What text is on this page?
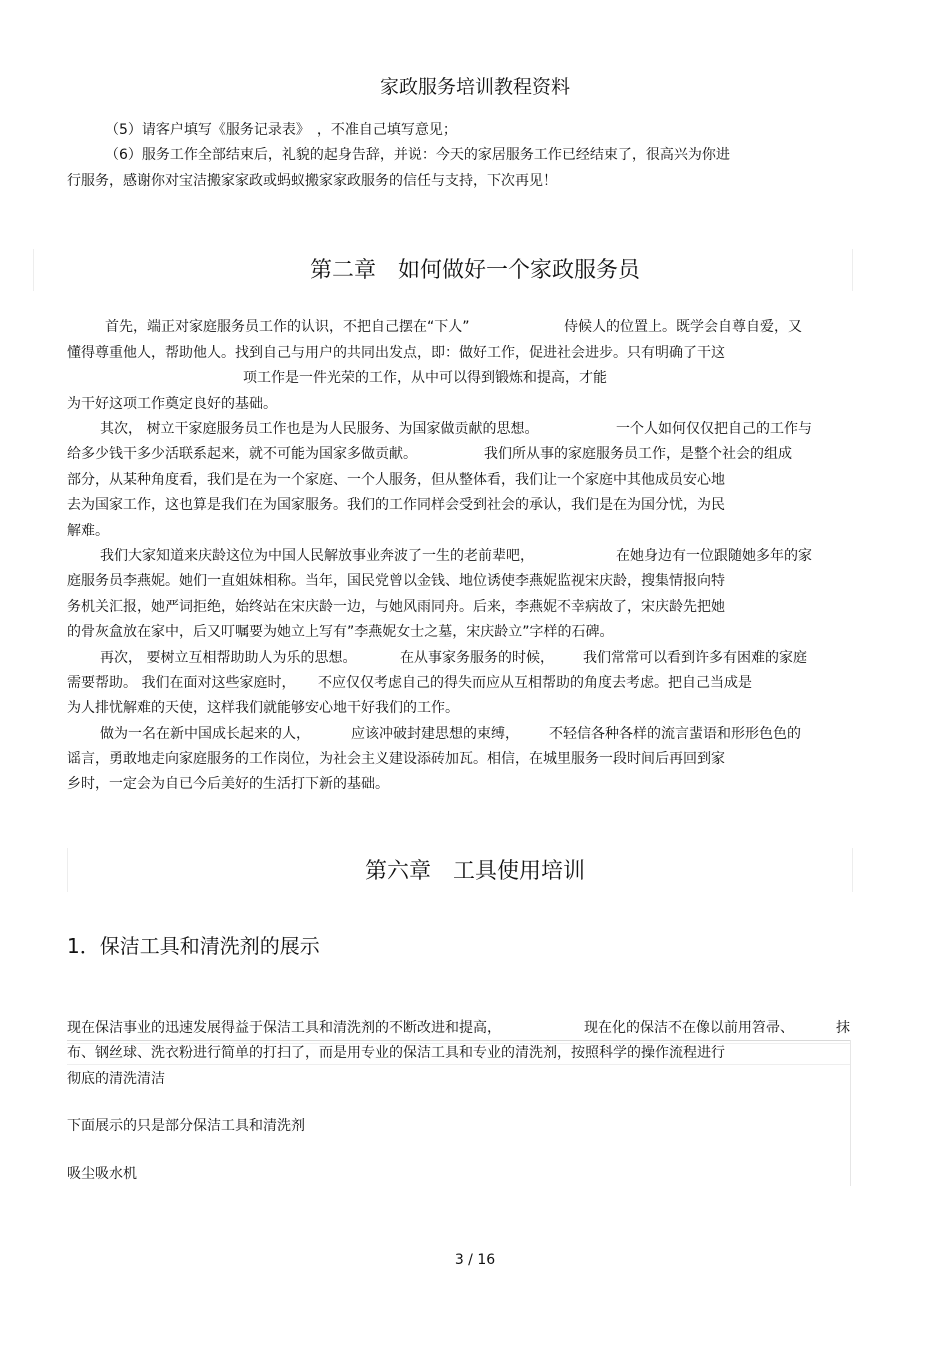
家政服务培训教程资料
（5）请客户填写《服务记录表》　，不准自己填写意见；
（6）服务工作全部结束后，礼貌的起身告辞，并说：今天的家居服务工作已经结束了，很高兴为你进
行服务，感谢你对宝洁搬家家政或蚂蚁搬家家政服务的信任与支持，下次再见！
第二章　如何做好一个家政服务员
首先，端正对家庭服务员工作的认识，不把自己摆在“下人”	侍候人的位置上。既学会自尊自爱，又
懂得尊重他人，帮助他人。找到自己与用户的共同出发点，即：做好工作，促进社会进步。只有明确了干这
项工作是一件光荣的工作，从中可以得到锻炼和提高，才能
为干好这项工作奠定良好的基础。
其次， 树立干家庭服务员工作也是为人民服务、为国家做贡献的思想。	一个人如何仅仅把自己的工作与
给多少钱干多少活联系起来，就不可能为国家多做贡献。	我们所从事的家庭服务员工作，是整个社会的组成
部分，从某种角度看，我们是在为一个家庭、一个人服务，但从整体看，我们让一个家庭中其他成员安心地
去为国家工作，这也算是我们在为国家服务。我们的工作同样会受到社会的承认，我们是在为国分忧，为民
解难。
我们大家知道来庆龄这位为中国人民解放事业奔波了一生的老前辈吧，	在她身边有一位跟随她多年的家
庭服务员李燕妮。她们一直姐妹相称。当年，国民党曾以金钱、地位诱使李燕妮监视宋庆龄，搜集情报向特
务机关汇报，她严词拒绝，始终站在宋庆龄一边，与她风雨同舟。后来，李燕妮不幸病故了，宋庆龄先把她
的骨灰盒放在家中，后又叮嘱要为她立上写有”李燕妮女士之墓，宋庆龄立”字样的石碑。
再次， 要树立互相帮助助人为乐的思想。	在从事家务服务的时候， 我们常常可以看到许多有困难的家庭
需要帮助。 我们在面对这些家庭时， 不应仅仅考虑自己的得失而应从互相帮助的角度去考虑。把自己当成是
为人排忧解难的天使，这样我们就能够安心地干好我们的工作。
做为一名在新中国成长起来的人，	应该冲破封建思想的束缚， 不轻信各种各样的流言蜚语和形形色色的
谣言，勇敢地走向家庭服务的工作岗位，为社会主义建设添砖加瓦。相信，在城里服务一段时间后再回到家
乡时，一定会为自已今后美好的生活打下新的基础。
第六章　工具使用培训
1．保洁工具和清洗剂的展示
现在保洁事业的迅速发展得益于保洁工具和清洗剂的不断改进和提高，	现在化的保洁不在像以前用笤帚、	抹
布、钢丝球、洗衣粉进行简单的打扫了，而是用专业的保洁工具和专业的清洗剂，按照科学的操作流程进行
彻底的清洗清洁
下面展示的只是部分保洁工具和清洗剂
吸尘吸水机
3 / 16
